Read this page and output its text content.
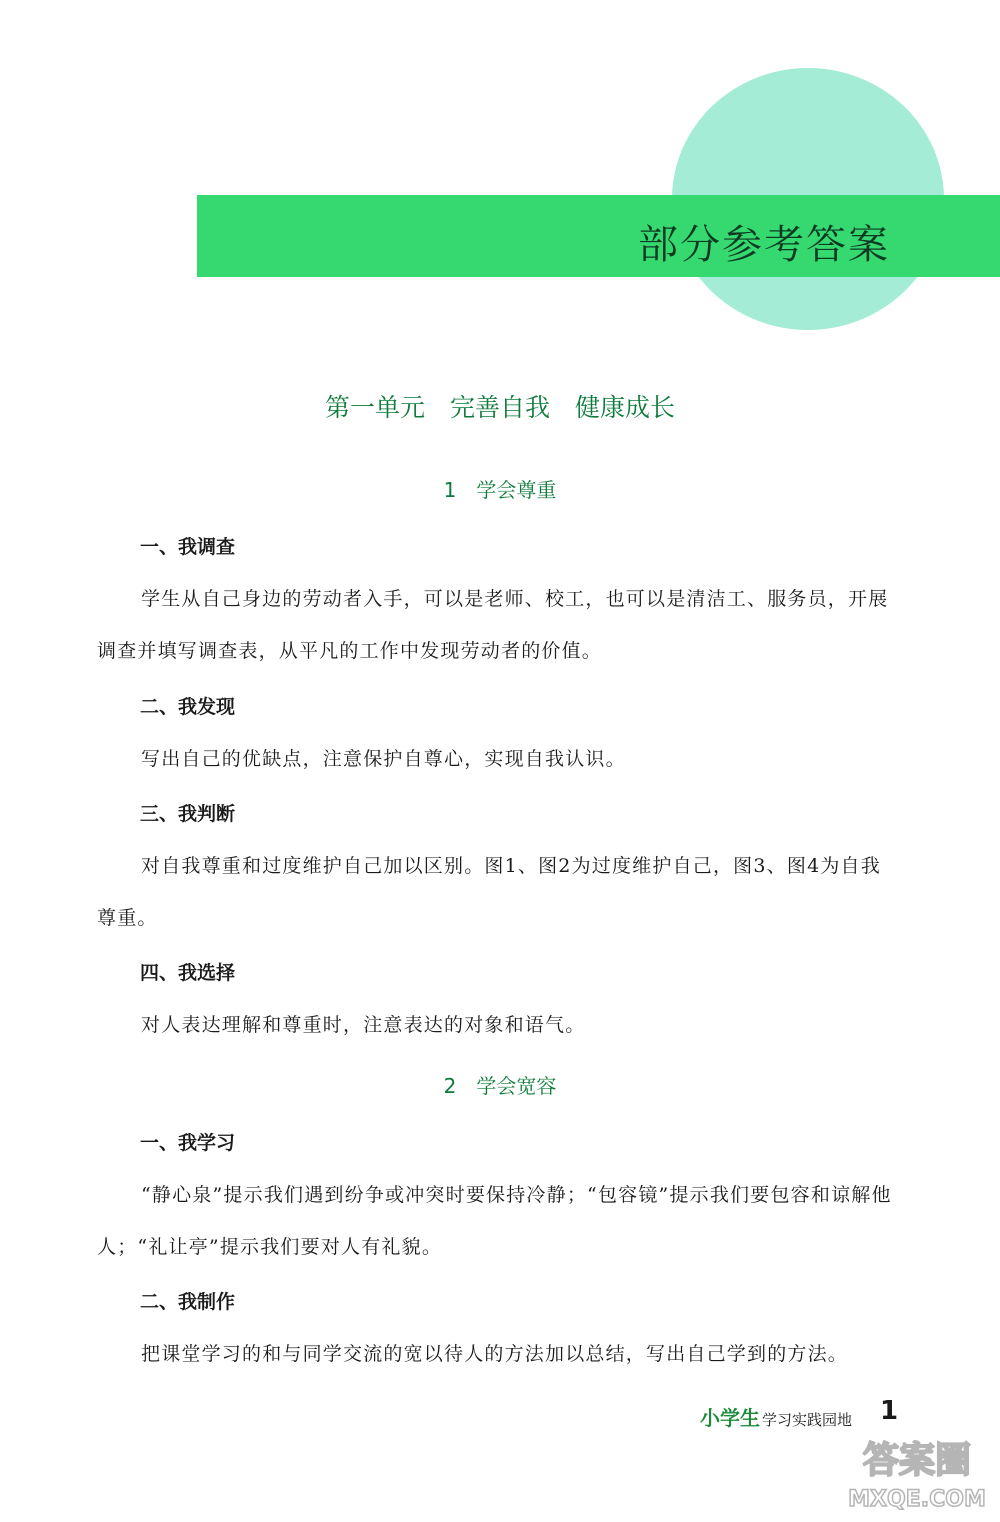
部分参考答案
第一单元　完善自我　健康成长
1　学会尊重
一、我调查
学生从自己身边的劳动者入手，可以是老师、校工，也可以是清洁工、服务员，开展调查并填写调查表，从平凡的工作中发现劳动者的价值。
二、我发现
写出自己的优缺点，注意保护自尊心，实现自我认识。
三、我判断
对自我尊重和过度维护自己加以区别。图1、图2为过度维护自己，图3、图4为自我尊重。
四、我选择
对人表达理解和尊重时，注意表达的对象和语气。
2　学会宽容
一、我学习
“静心泉”提示我们遇到纷争或冲突时要保持冷静；“包容镜”提示我们要包容和谅解他人；“礼让亭”提示我们要对人有礼貌。
二、我制作
把课堂学习的和与同学交流的宽以待人的方法加以总结，写出自己学到的方法。
小学生 学习实践园地 1
答案圈
MXQE.COM
